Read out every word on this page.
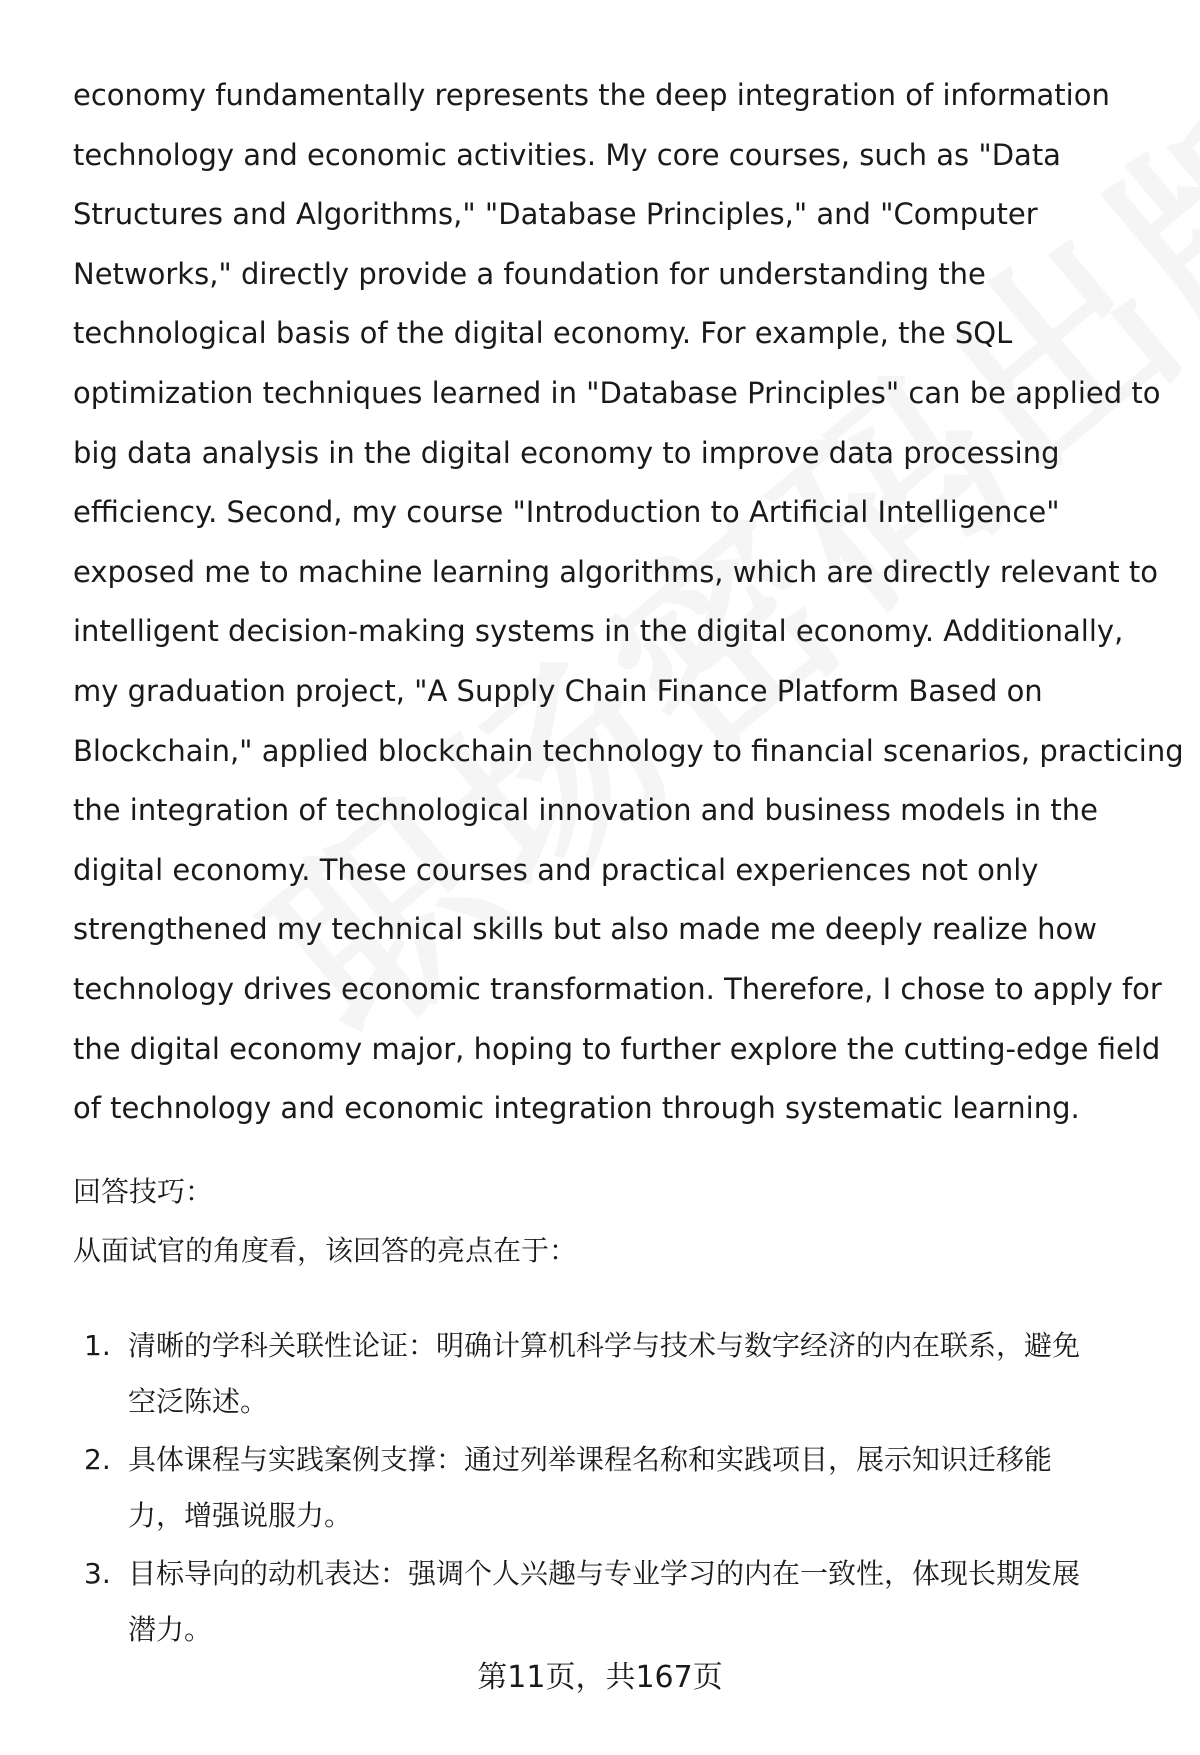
economy fundamentally represents the deep integration of information
technology and economic activities. My core courses, such as "Data
Structures and Algorithms," "Database Principles," and "Computer
Networks," directly provide a foundation for understanding the
technological basis of the digital economy. For example, the SQL
optimization techniques learned in "Database Principles" can be applied to
big data analysis in the digital economy to improve data processing
efficiency. Second, my course "Introduction to Artificial Intelligence"
exposed me to machine learning algorithms, which are directly relevant to
intelligent decision-making systems in the digital economy. Additionally,
my graduation project, "A Supply Chain Finance Platform Based on
Blockchain," applied blockchain technology to financial scenarios, practicing
the integration of technological innovation and business models in the
digital economy. These courses and practical experiences not only
strengthened my technical skills but also made me deeply realize how
technology drives economic transformation. Therefore, I chose to apply for
the digital economy major, hoping to further explore the cutting-edge field
of technology and economic integration through systematic learning.

回答技巧：

从面试官的角度看，该回答的亮点在于：

1. 清晰的学科关联性论证：明确计算机科学与技术与数字经济的内在联系，避免
空泛陈述。
2. 具体课程与实践案例支撑：通过列举课程名称和实践项目，展示知识迁移能
力，增强说服力。
3. 目标导向的动机表达：强调个人兴趣与专业学习的内在一致性，体现长期发展
潜力。
第11页，共167页
